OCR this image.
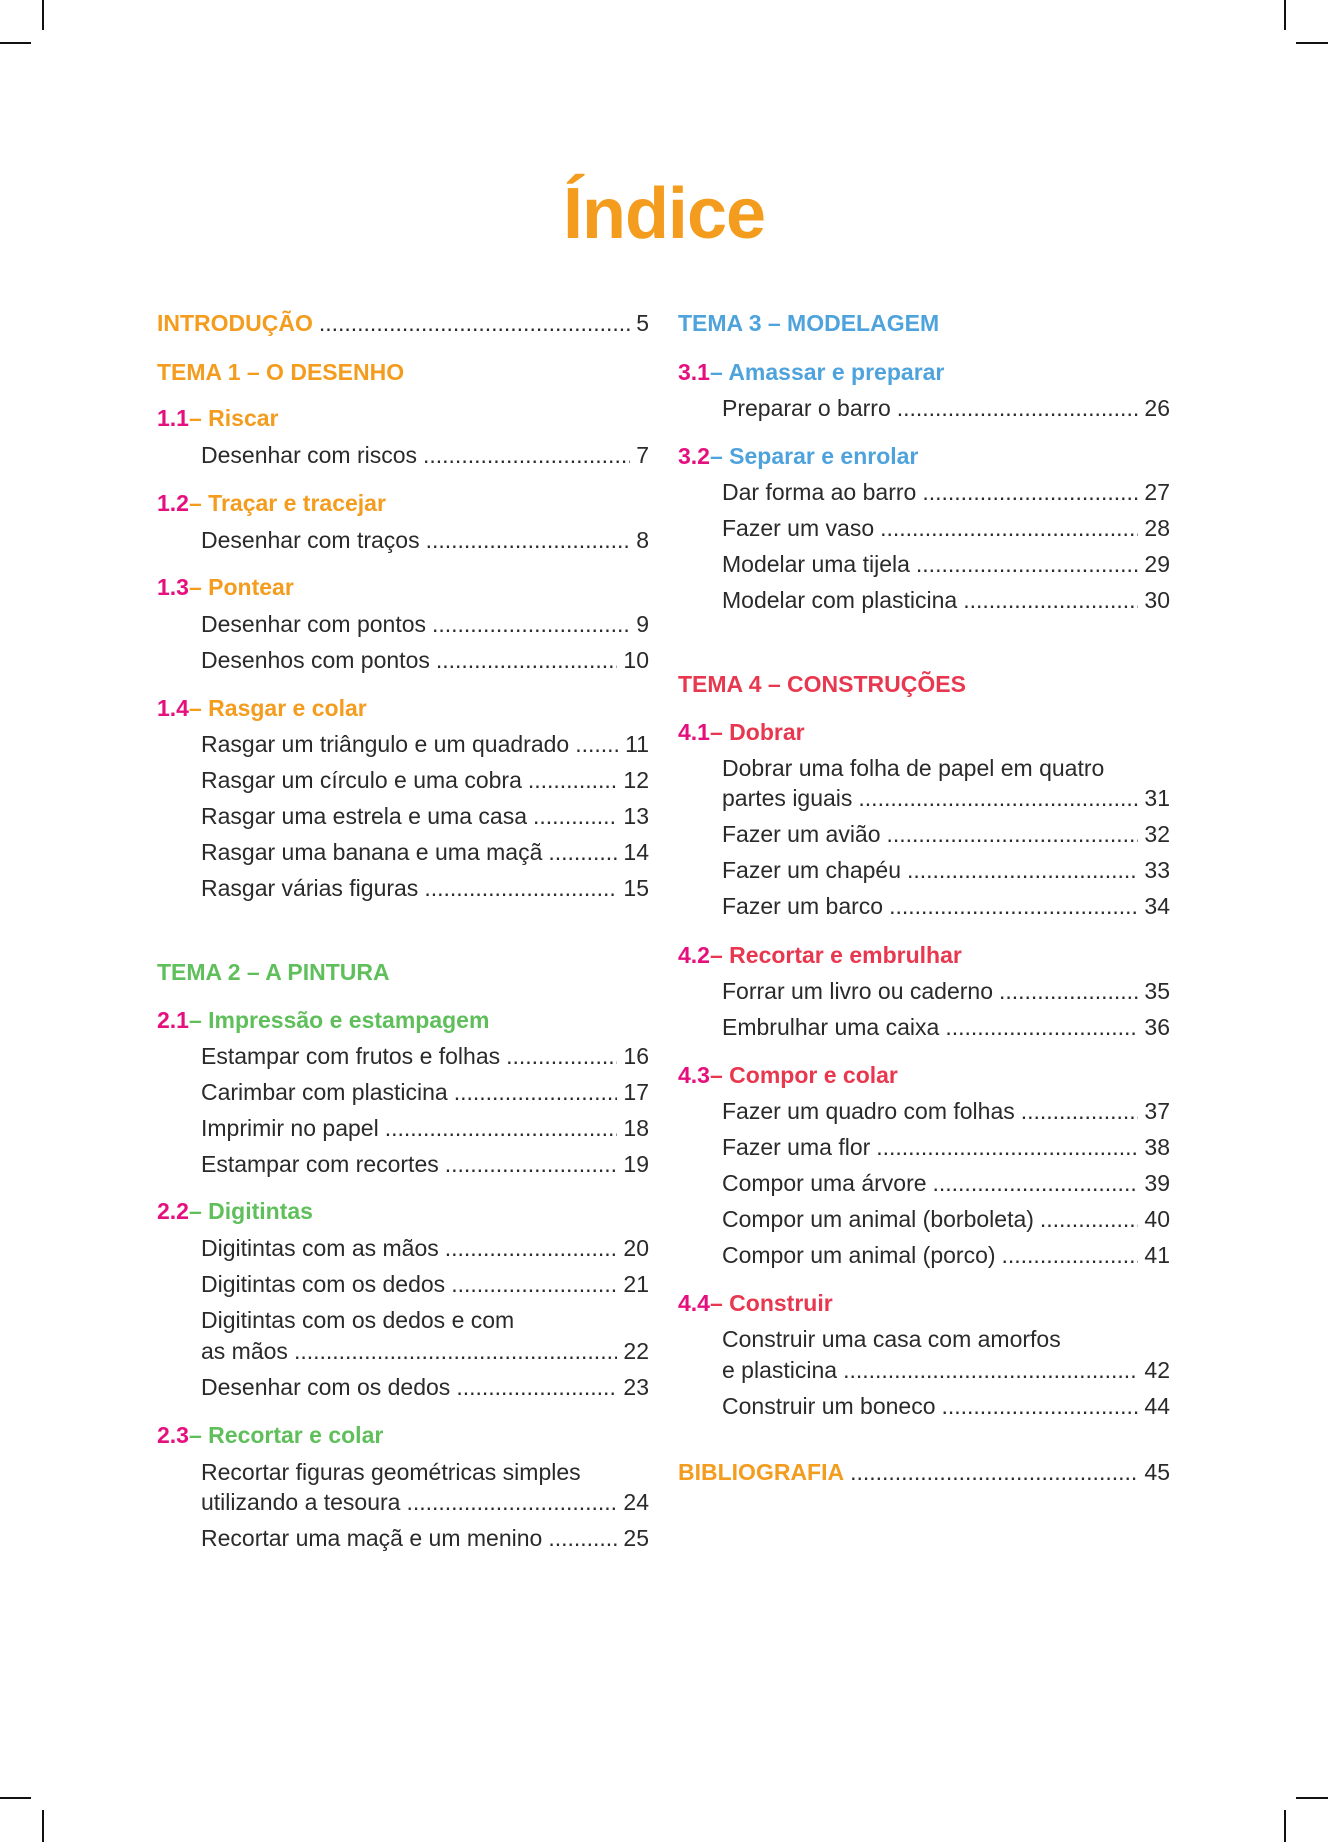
Índice
INTRODUÇÃO . . .	5
TEMA 1 – O DESENHO
1.1 – Riscar
Desenhar com riscos . . .	7
1.2 – Traçar e tracejar
Desenhar com traços . . .	8
1.3 – Pontear
Desenhar com pontos . . .	9
Desenhos com pontos . . .	10
1.4 – Rasgar e colar
Rasgar um triângulo e um quadrado . . . 11
Rasgar um círculo e uma cobra . . .	12
Rasgar uma estrela e uma casa . . .	13
Rasgar uma banana e uma maçã . . .	14
Rasgar várias figuras . . .	15
TEMA 2 – A PINTURA
2.1 – Impressão e estampagem
Estampar com frutos e folhas . . .	16
Carimbar com plasticina . . .	17
Imprimir no papel . . .	18
Estampar com recortes . . .	19
2.2 – Digitintas
Digitintas com as mãos . . .	20
Digitintas com os dedos . . .	21
Digitintas com os dedos e com
as mãos . . .	22
Desenhar com os dedos . . .	23
2.3 – Recortar e colar
Recortar figuras geométricas simples
utilizando a tesoura . . .	24
Recortar uma maçã e um menino . . .	25
TEMA 3 – MODELAGEM
3.1 – Amassar e preparar
Preparar o barro . . .	26
3.2 – Separar e enrolar
Dar forma ao barro . . .	27
Fazer um vaso . . .	28
Modelar uma tijela . . .	29
Modelar com plasticina . . .	30
TEMA 4 – CONSTRUÇÕES
4.1 – Dobrar
Dobrar uma folha de papel em quatro
partes iguais . . .	31
Fazer um avião . . .	32
Fazer um chapéu . . .	33
Fazer um barco . . .	34
4.2 – Recortar e embrulhar
Forrar um livro ou caderno . . .	35
Embrulhar uma caixa . . .	36
4.3 – Compor e colar
Fazer um quadro com folhas . . .	37
Fazer uma flor . . .	38
Compor uma árvore . . .	39
Compor um animal (borboleta) . . .	40
Compor um animal (porco) . . .	41
4.4 – Construir
Construir uma casa com amorfos
e plasticina . . .	42
Construir um boneco . . .	44
BIBLIOGRAFIA . . .	45
